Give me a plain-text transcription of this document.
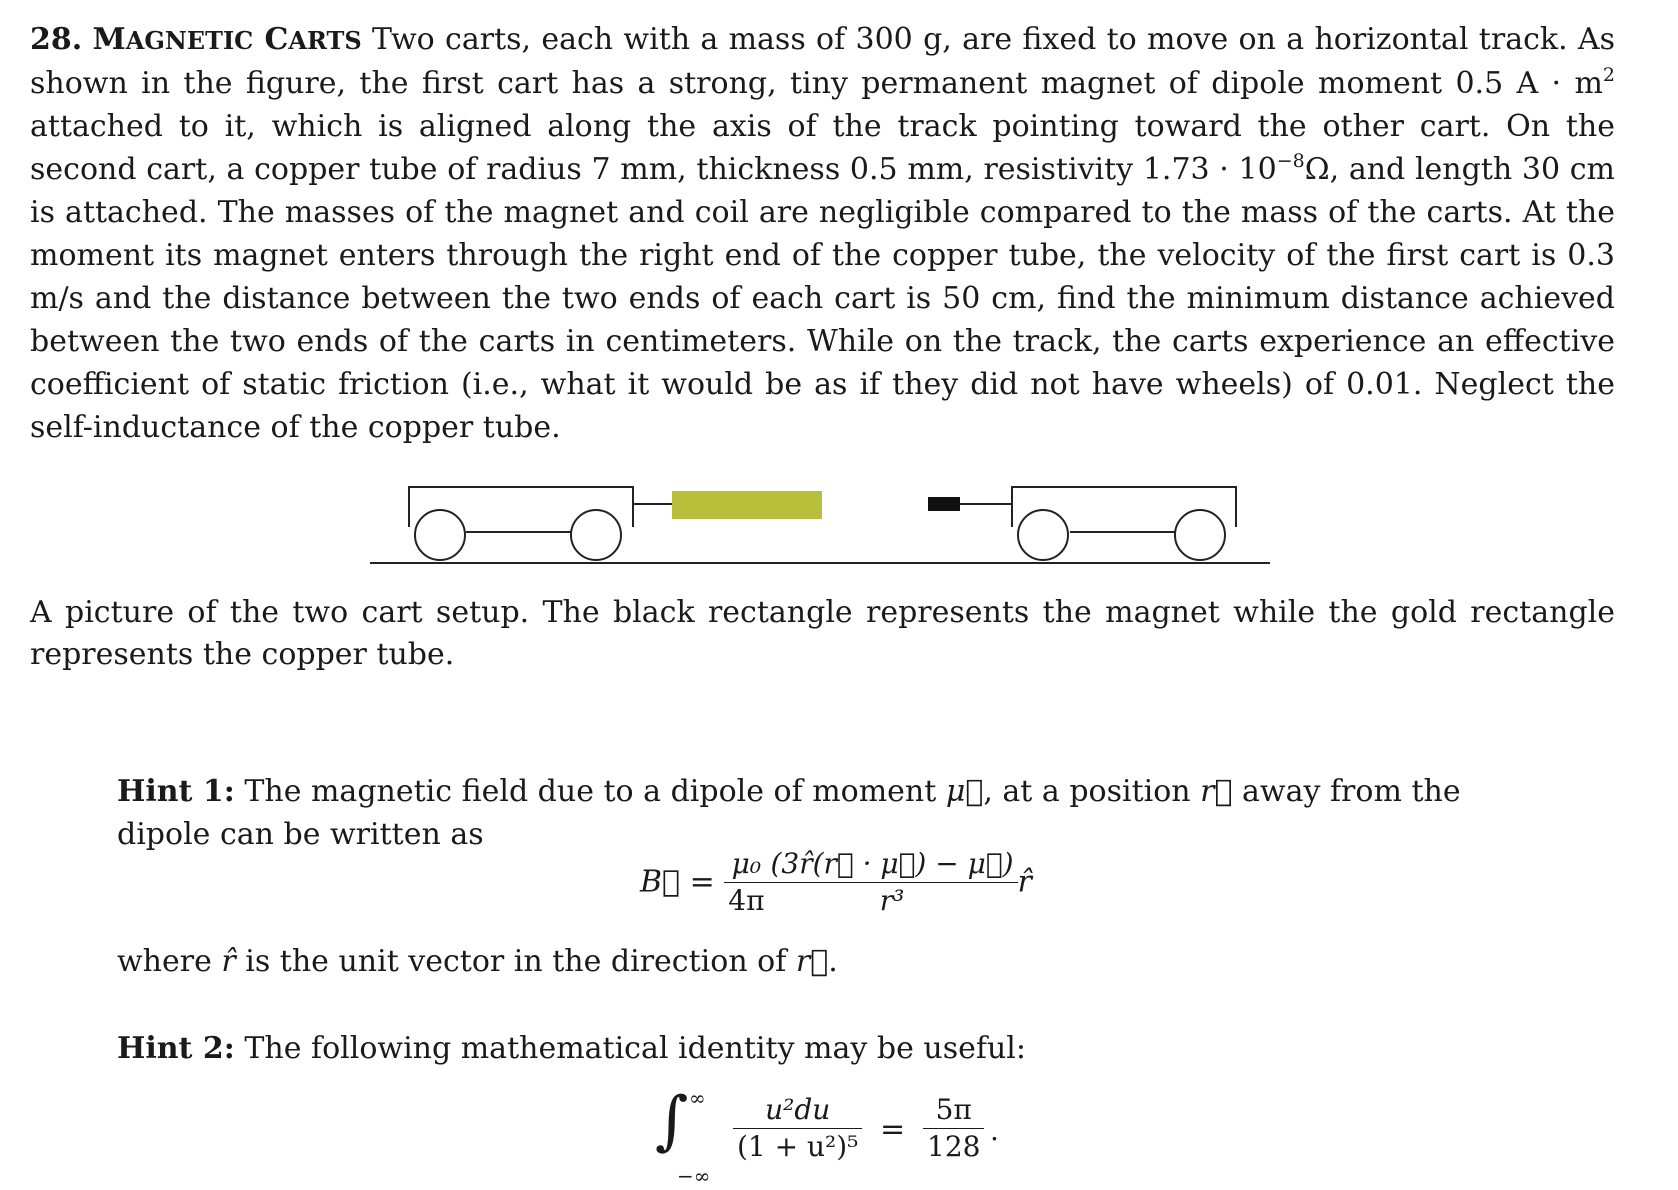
28. MAGNETIC CARTS Two carts, each with a mass of 300 g, are fixed to move on a horizontal track. As shown in the figure, the first cart has a strong, tiny permanent magnet of dipole moment 0.5 $A \cdot m^2$ attached to it, which is aligned along the axis of the track pointing toward the other cart. On the second cart, a copper tube of radius 7 mm, thickness 0.5 mm, resistivity $1.73 \cdot 10^{-8}\Omega$, and length 30 cm is attached. The masses of the magnet and coil are negligible compared to the mass of the carts. At the moment its magnet enters through the right end of the copper tube, the velocity of the first cart is 0.3 m/s and the distance between the two ends of each cart is 50 cm, find the minimum distance achieved between the two ends of the carts in centimeters. While on the track, the carts experience an effective coefficient of static friction (i.e., what it would be as if they did not have wheels) of 0.01. Neglect the self-inductance of the copper tube.
A picture of the two cart setup. The black rectangle represents the magnet while the gold rectangle represents the copper tube.
Hint 1: The magnetic field due to a dipole of moment μ⃗, at a position r⃗ away from the dipole can be written as
B⃗ = $\frac{\text{μ₀}}{4\pi}$
$\frac{(3r̂(r⃗ \cdot \mu⃗) - \mu⃗)}{\text{r³}}$ r̂
where r̂ is the unit vector in the direction of r⃗.
Hint 2: The following mathematical identity may be useful:
∫ ∞
−∞
$\frac{\text{u²du}}{\text{(1 + u²)⁵}} = \frac{5\pi}{128}$ .
